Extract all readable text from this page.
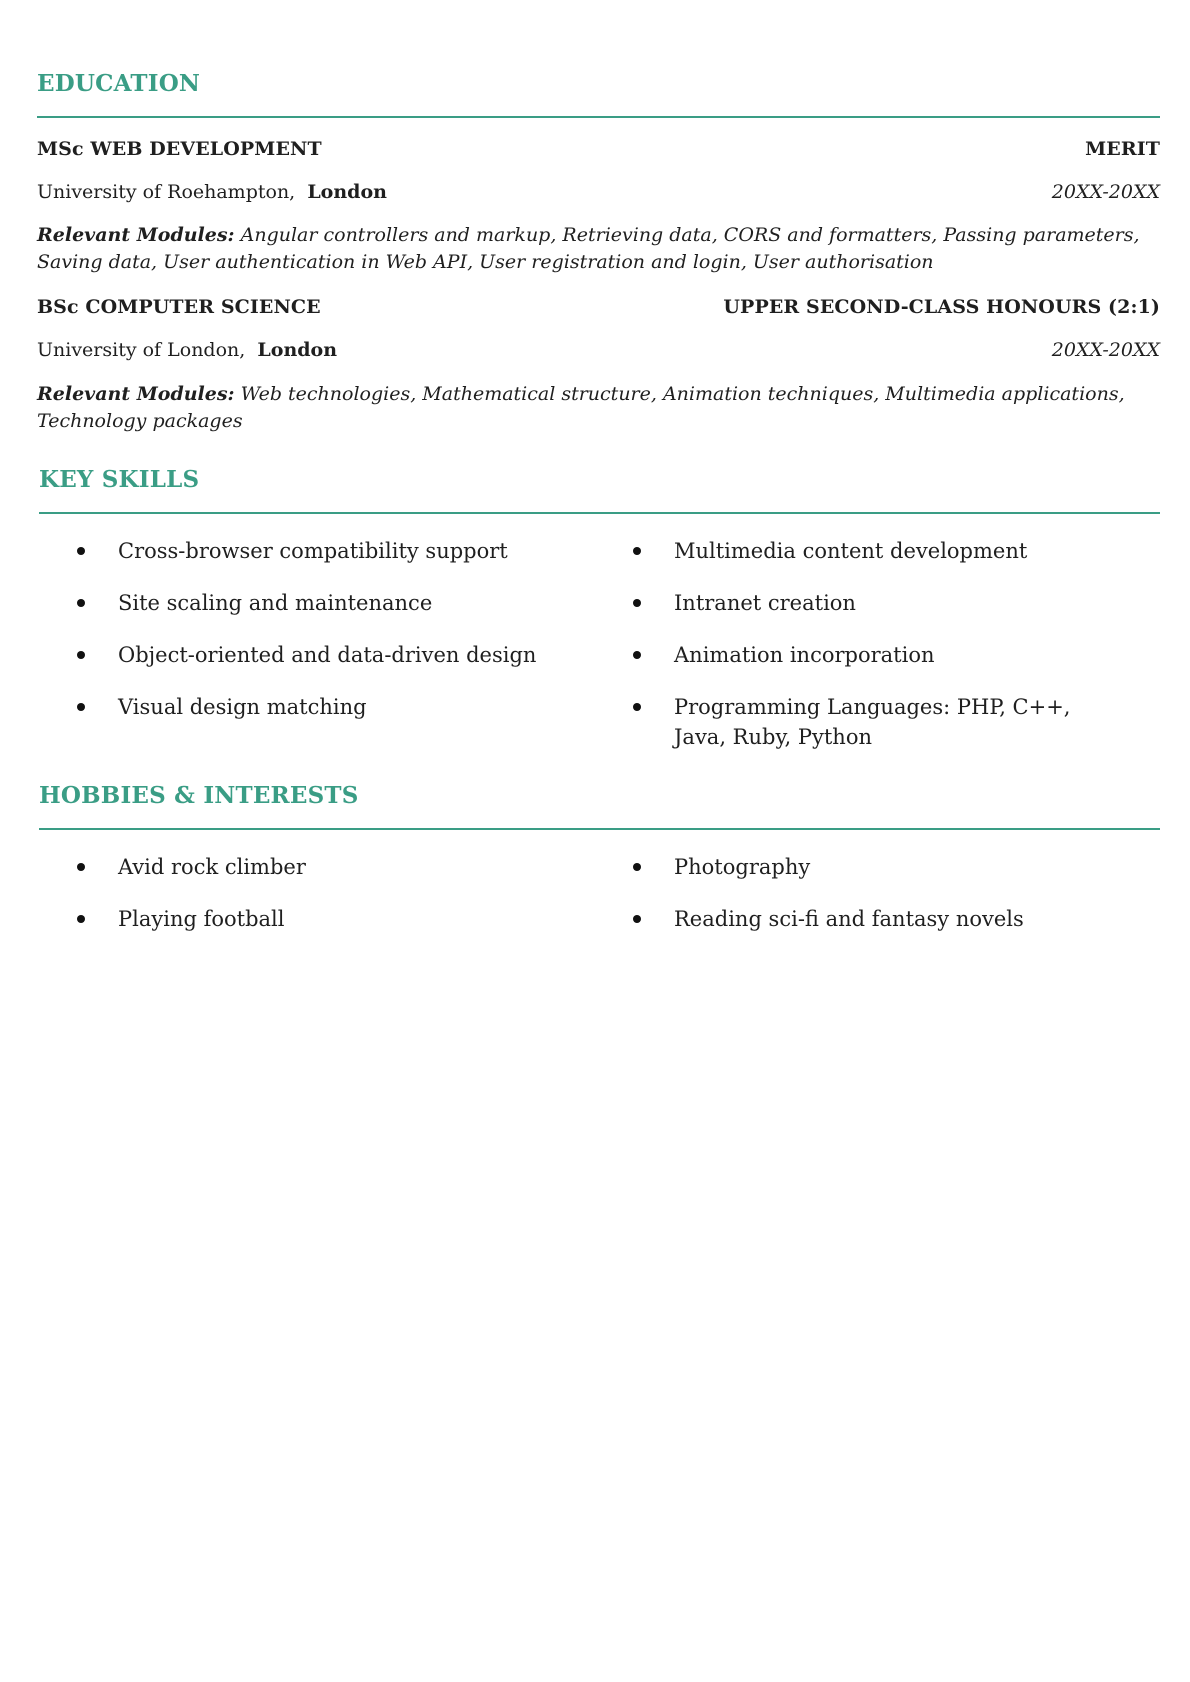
EDUCATION
MSc WEB DEVELOPMENT	MERIT
University of Roehampton, London	20XX-20XX
Relevant Modules: Angular controllers and markup, Retrieving data, CORS and formatters, Passing parameters, Saving data, User authentication in Web API, User registration and login, User authorisation
BSc COMPUTER SCIENCE	UPPER SECOND-CLASS HONOURS (2:1)
University of London, London	20XX-20XX
Relevant Modules: Web technologies, Mathematical structure, Animation techniques, Multimedia applications, Technology packages
KEY SKILLS
Cross-browser compatibility support
Site scaling and maintenance
Object-oriented and data-driven design
Visual design matching
Multimedia content development
Intranet creation
Animation incorporation
Programming Languages: PHP, C++, Java, Ruby, Python
HOBBIES & INTERESTS
Avid rock climber
Playing football
Photography
Reading sci-fi and fantasy novels
